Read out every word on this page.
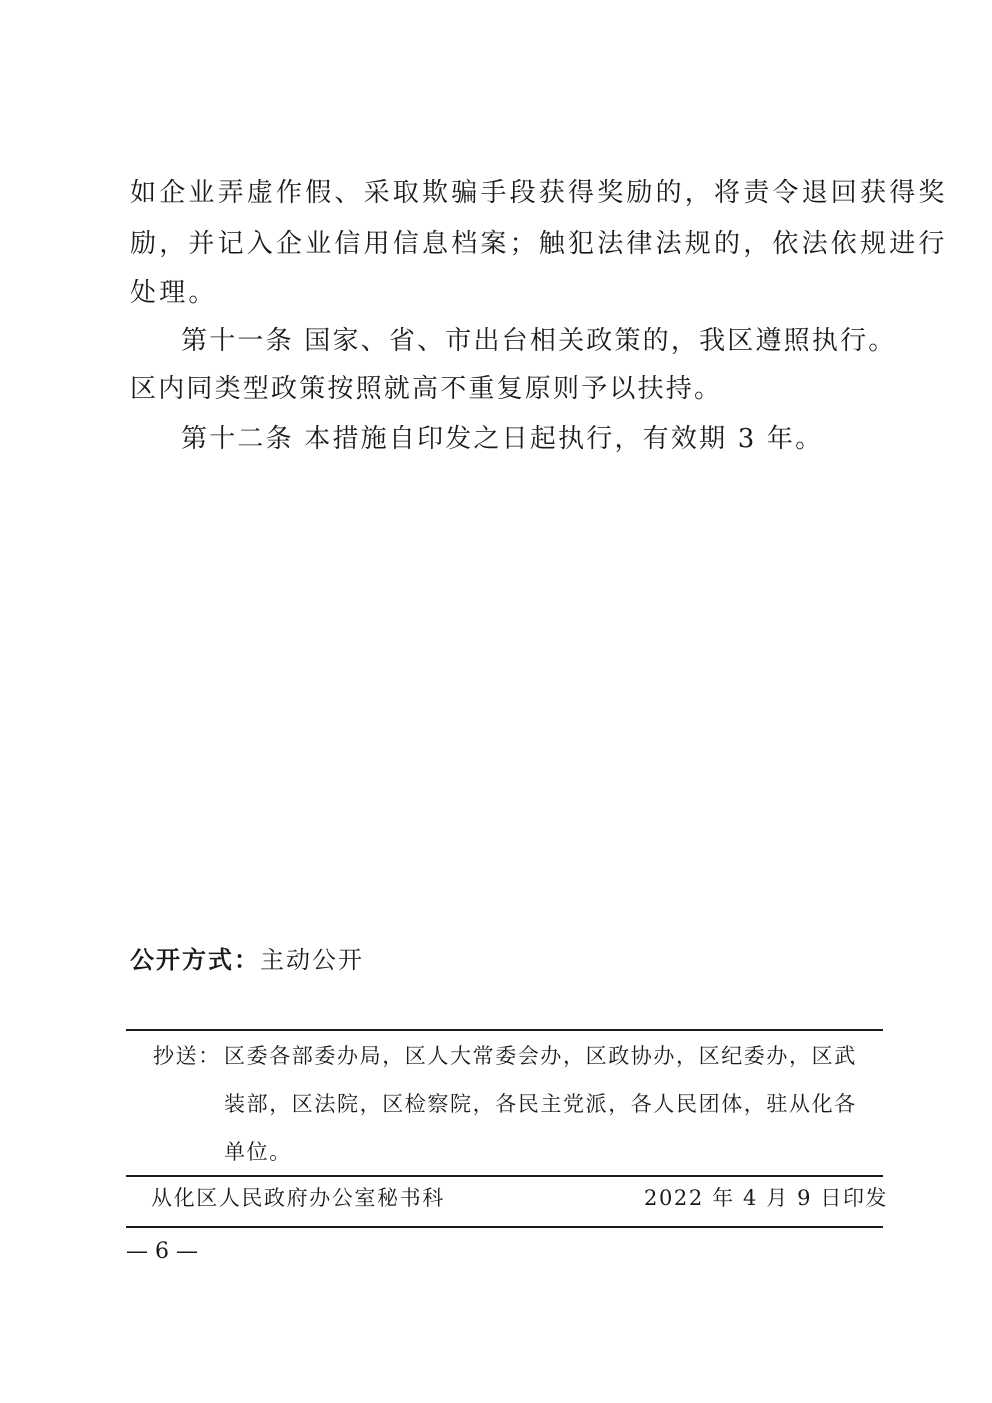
如企业弄虚作假、采取欺骗手段获得奖励的，将责令退回获得奖
励，并记入企业信用信息档案；触犯法律法规的，依法依规进行
处理。
第十一条 国家、省、市出台相关政策的，我区遵照执行。
区内同类型政策按照就高不重复原则予以扶持。
第十二条 本措施自印发之日起执行，有效期 3 年。
公开方式：主动公开
抄送： 区委各部委办局，区人大常委会办，区政协办，区纪委办，区武
装部，区法院，区检察院，各民主党派，各人民团体，驻从化各
单位。
从化区人民政府办公室秘书科	2022 年 4 月 9 日印发
— 6 —
